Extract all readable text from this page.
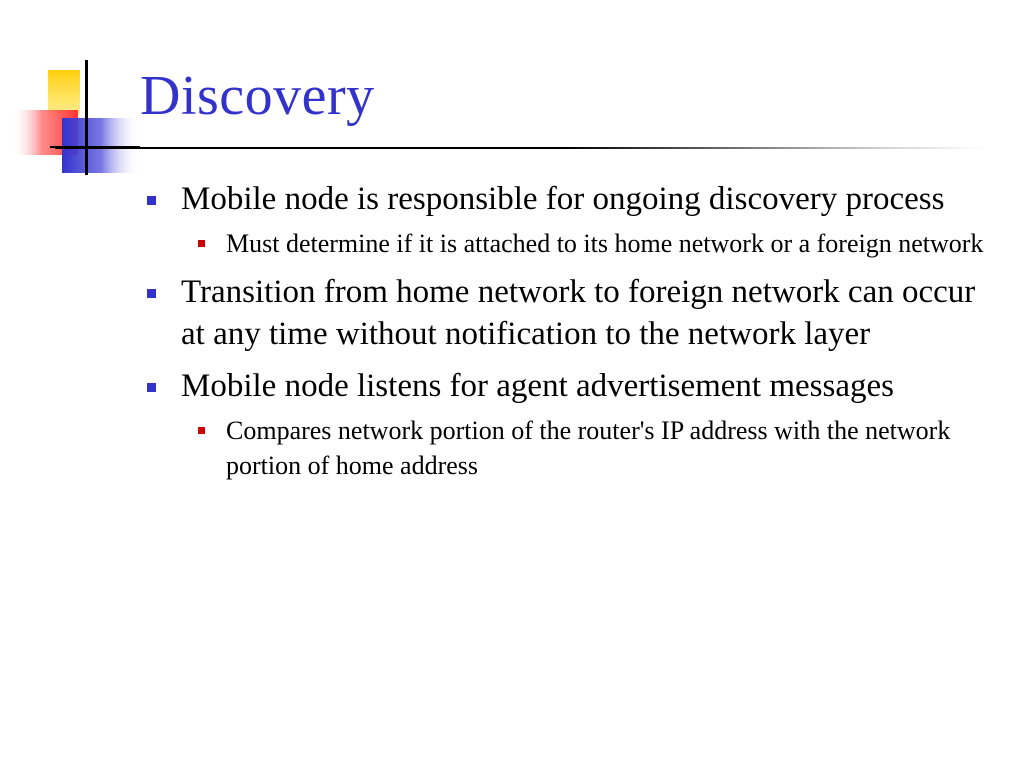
Discovery
Mobile node is responsible for ongoing discovery process
Must determine if it is attached to its home network or a foreign network
Transition from home network to foreign network can occur at any time without notification to the network layer
Mobile node listens for agent advertisement messages
Compares network portion of the router's IP address with the network portion of home address
